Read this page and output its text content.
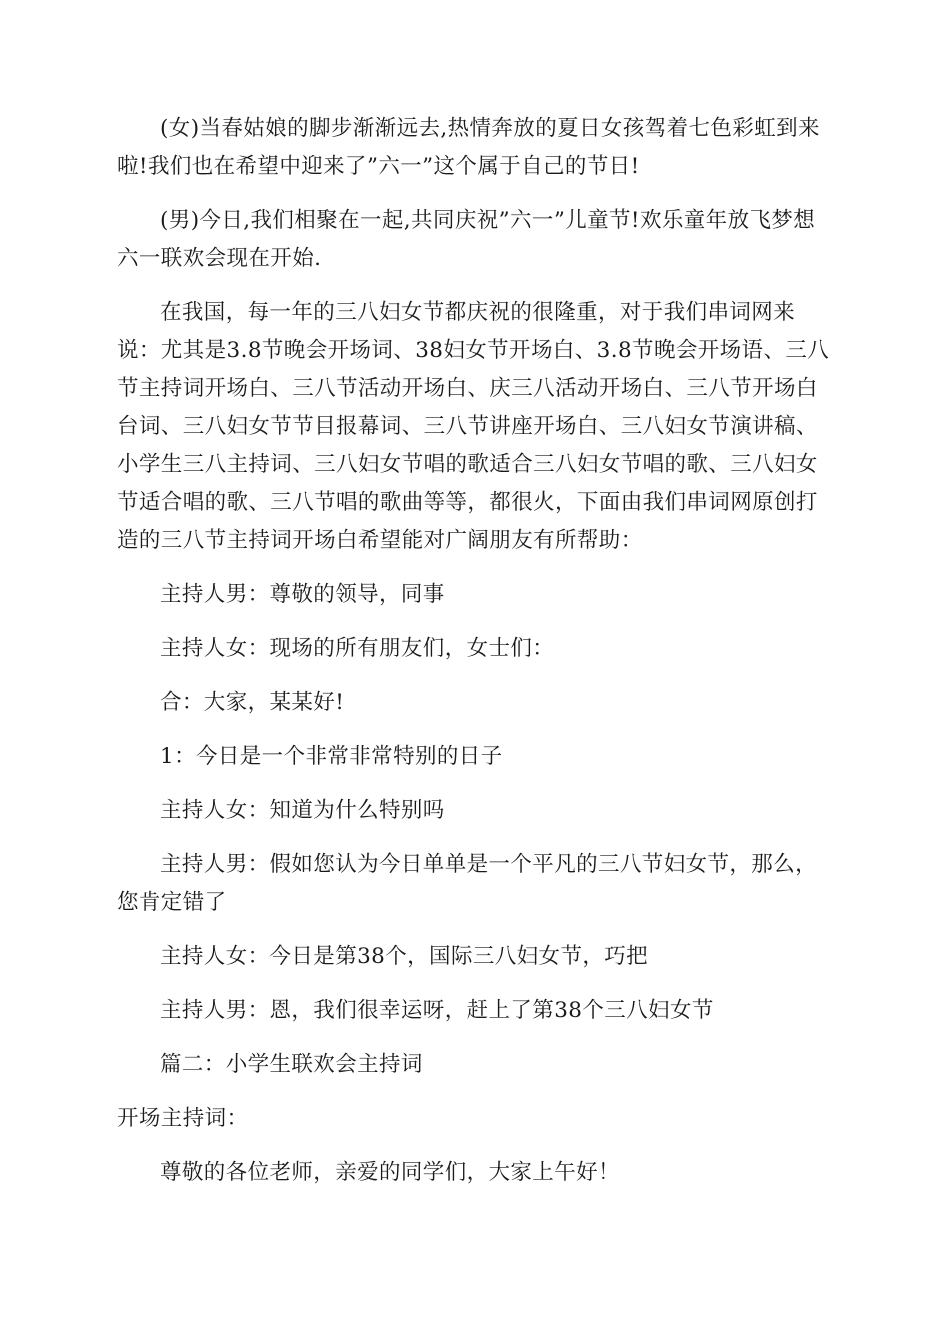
(女)当春姑娘的脚步渐渐远去,热情奔放的夏日女孩驾着七色彩虹到来啦!我们也在希望中迎来了”六一”这个属于自己的节日!

(男)今日,我们相聚在一起,共同庆祝”六一”儿童节!欢乐童年放飞梦想六一联欢会现在开始.

在我国，每一年的三八妇女节都庆祝的很隆重，对于我们串词网来说：尤其是3.8节晚会开场词、38妇女节开场白、3.8节晚会开场语、三八节主持词开场白、三八节活动开场白、庆三八活动开场白、三八节开场白台词、三八妇女节节目报幕词、三八节讲座开场白、三八妇女节演讲稿、小学生三八主持词、三八妇女节唱的歌适合三八妇女节唱的歌、三八妇女节适合唱的歌、三八节唱的歌曲等等，都很火，下面由我们串词网原创打造的三八节主持词开场白希望能对广阔朋友有所帮助：

主持人男：尊敬的领导，同事

主持人女：现场的所有朋友们，女士们：

合：大家，某某好!

1：今日是一个非常非常特别的日子

主持人女：知道为什么特别吗

主持人男：假如您认为今日单单是一个平凡的三八节妇女节，那么，您肯定错了

主持人女：今日是第38个，国际三八妇女节，巧把

主持人男：恩，我们很幸运呀，赶上了第38个三八妇女节

篇二：小学生联欢会主持词

开场主持词：

尊敬的各位老师，亲爱的同学们，大家上午好！
